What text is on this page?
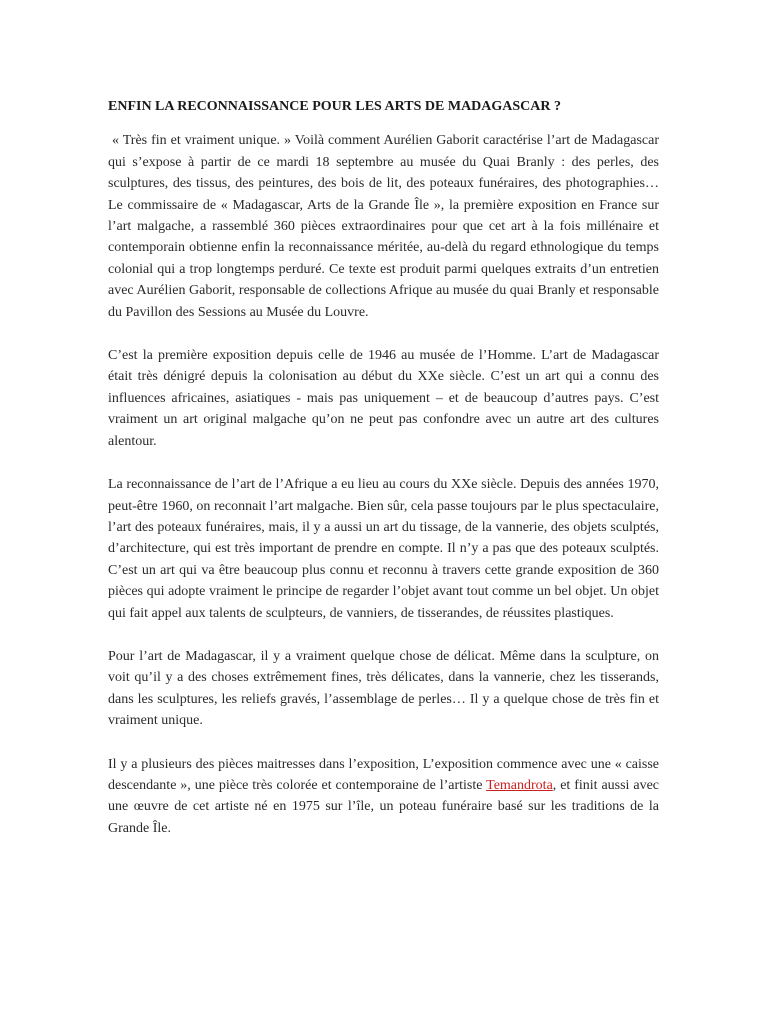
ENFIN LA RECONNAISSANCE POUR LES ARTS DE MADAGASCAR ?

« Très fin et vraiment unique. » Voilà comment Aurélien Gaborit caractérise l’art de Madagascar qui s’expose à partir de ce mardi 18 septembre au musée du Quai Branly : des perles, des sculptures, des tissus, des peintures, des bois de lit, des poteaux funéraires, des photographies… Le commissaire de « Madagascar, Arts de la Grande Île », la première exposition en France sur l’art malgache, a rassemblé 360 pièces extraordinaires pour que cet art à la fois millénaire et contemporain obtienne enfin la reconnaissance méritée, au-delà du regard ethnologique du temps colonial qui a trop longtemps perduré. Ce texte est produit parmi quelques extraits d’un entretien avec Aurélien Gaborit, responsable de collections Afrique au musée du quai Branly et responsable du Pavillon des Sessions au Musée du Louvre.

C’est la première exposition depuis celle de 1946 au musée de l’Homme. L’art de Madagascar était très dénigré depuis la colonisation au début du XXe siècle. C’est un art qui a connu des influences africaines, asiatiques - mais pas uniquement – et de beaucoup d’autres pays. C’est vraiment un art original malgache qu’on ne peut pas confondre avec un autre art des cultures alentour.

La reconnaissance de l’art de l’Afrique a eu lieu au cours du XXe siècle. Depuis des années 1970, peut-être 1960, on reconnait l’art malgache. Bien sûr, cela passe toujours par le plus spectaculaire, l’art des poteaux funéraires, mais, il y a aussi un art du tissage, de la vannerie, des objets sculptés, d’architecture, qui est très important de prendre en compte. Il n’y a pas que des poteaux sculptés. C’est un art qui va être beaucoup plus connu et reconnu à travers cette grande exposition de 360 pièces qui adopte vraiment le principe de regarder l’objet avant tout comme un bel objet. Un objet qui fait appel aux talents de sculpteurs, de vanniers, de tisserandes, de réussites plastiques.

Pour l’art de Madagascar, il y a vraiment quelque chose de délicat. Même dans la sculpture, on voit qu’il y a des choses extrêmement fines, très délicates, dans la vannerie, chez les tisserands, dans les sculptures, les reliefs gravés, l’assemblage de perles… Il y a quelque chose de très fin et vraiment unique.

Il y a plusieurs des pièces maitresses dans l’exposition, L’exposition commence avec une « caisse descendante », une pièce très colorée et contemporaine de l’artiste Temandrota, et finit aussi avec une œuvre de cet artiste né en 1975 sur l’île, un poteau funéraire basé sur les traditions de la Grande Île.
